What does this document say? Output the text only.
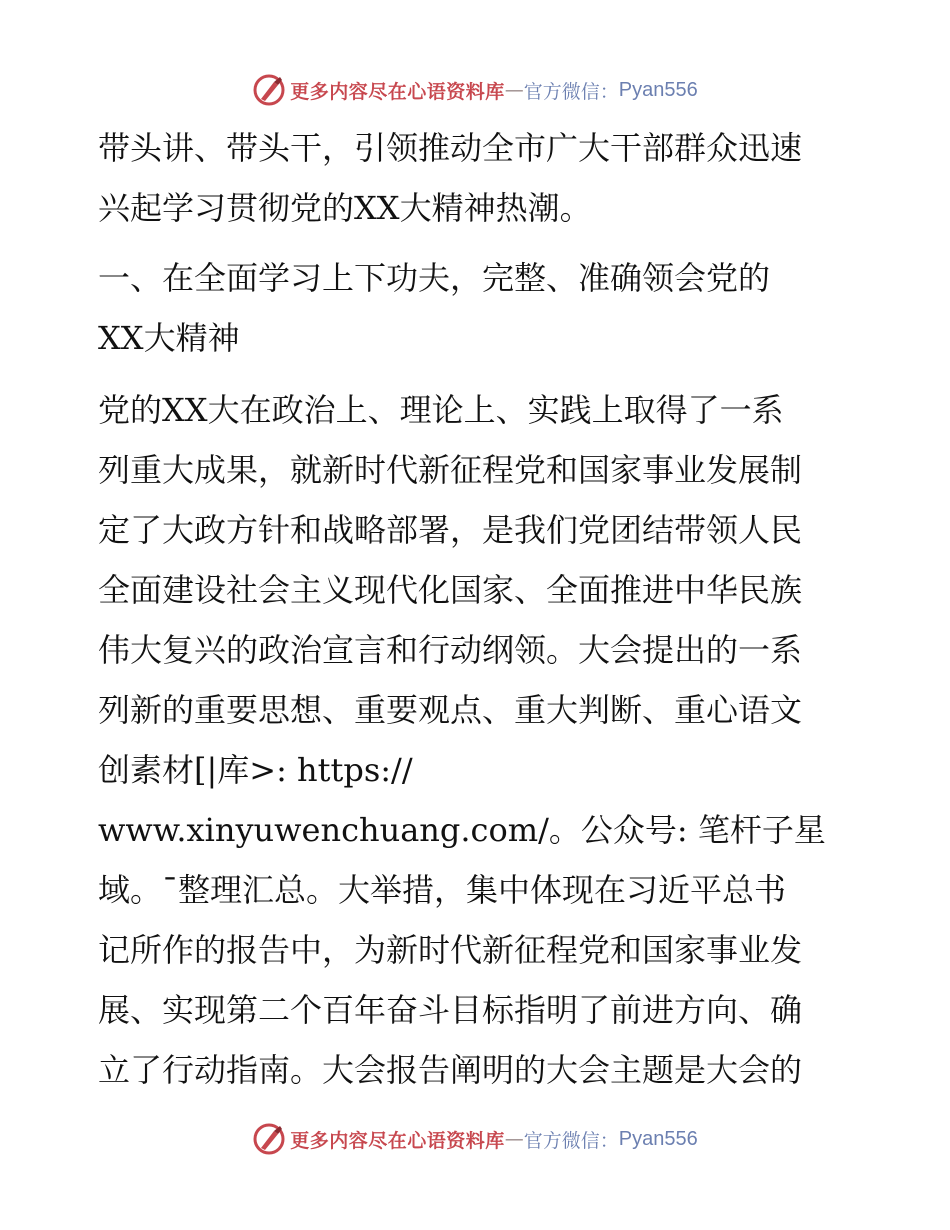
更多内容尽在心语资料库 — 官方微信： Pyan556
带头讲、带头干，引领推动全市广大干部群众迅速
兴起学习贯彻党的XX大精神热潮。
一、在全面学习上下功夫，完整、准确领会党的
XX大精神
党的XX大在政治上、理论上、实践上取得了一系
列重大成果，就新时代新征程党和国家事业发展制
定了大政方针和战略部署，是我们党团结带领人民
全面建设社会主义现代化国家、全面推进中华民族
伟大复兴的政治宣言和行动纲领。大会提出的一系
列新的重要思想、重要观点、重大判断、重心语文
创素材[|库>: https://
www.xinyuwenchuang.com/。公众号: 笔杆子星
域。¯整理汇总。大举措，集中体现在习近平总书
记所作的报告中，为新时代新征程党和国家事业发
展、实现第二个百年奋斗目标指明了前进方向、确
立了行动指南。大会报告阐明的大会主题是大会的
更多内容尽在心语资料库 — 官方微信： Pyan556
